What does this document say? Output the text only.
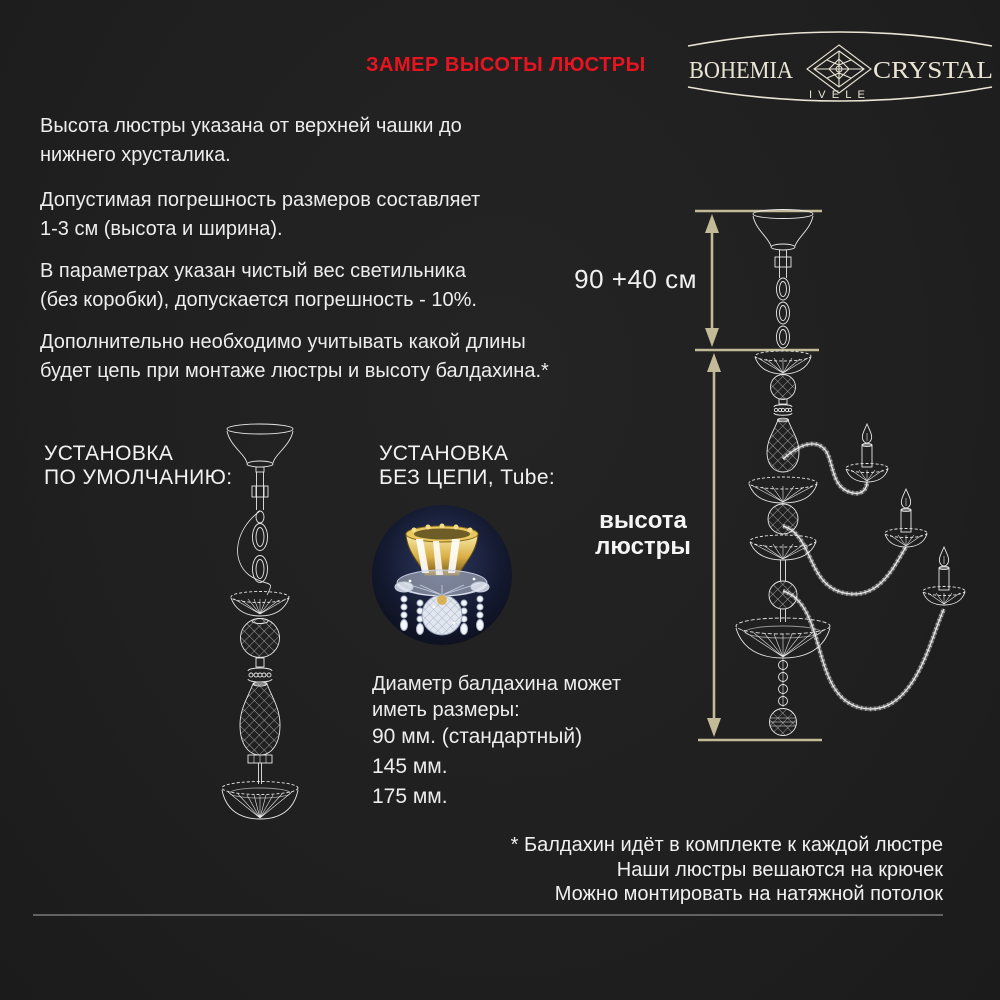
ЗАМЕР ВЫСОТЫ ЛЮСТРЫ BOHEMIA	CRYSTAL
IVELE
Высота люстры указана от верхней чашки до
нижнего хрусталика.
Допустимая погрешность размеров составляет
1-3 см (высота и ширина).
В параметрах указан чистый вес светильника
(без коробки), допускается погрешность - 10%.
Дополнительно необходимо учитывать какой длины
будет цепь при монтаже люстры и высоту балдахина.*
УСТАНОВКА
ПО УМОЛЧАНИЮ:
УСТАНОВКА
БЕЗ ЦЕПИ, Tube:
90 +40 см
высота
люстры
Диаметр балдахина может
иметь размеры:
90 мм. (стандартный)
145 мм.
175 мм.
* Балдахин идёт в комплекте к каждой люстре
Наши люстры вешаются на крючек
Можно монтировать на натяжной потолок
